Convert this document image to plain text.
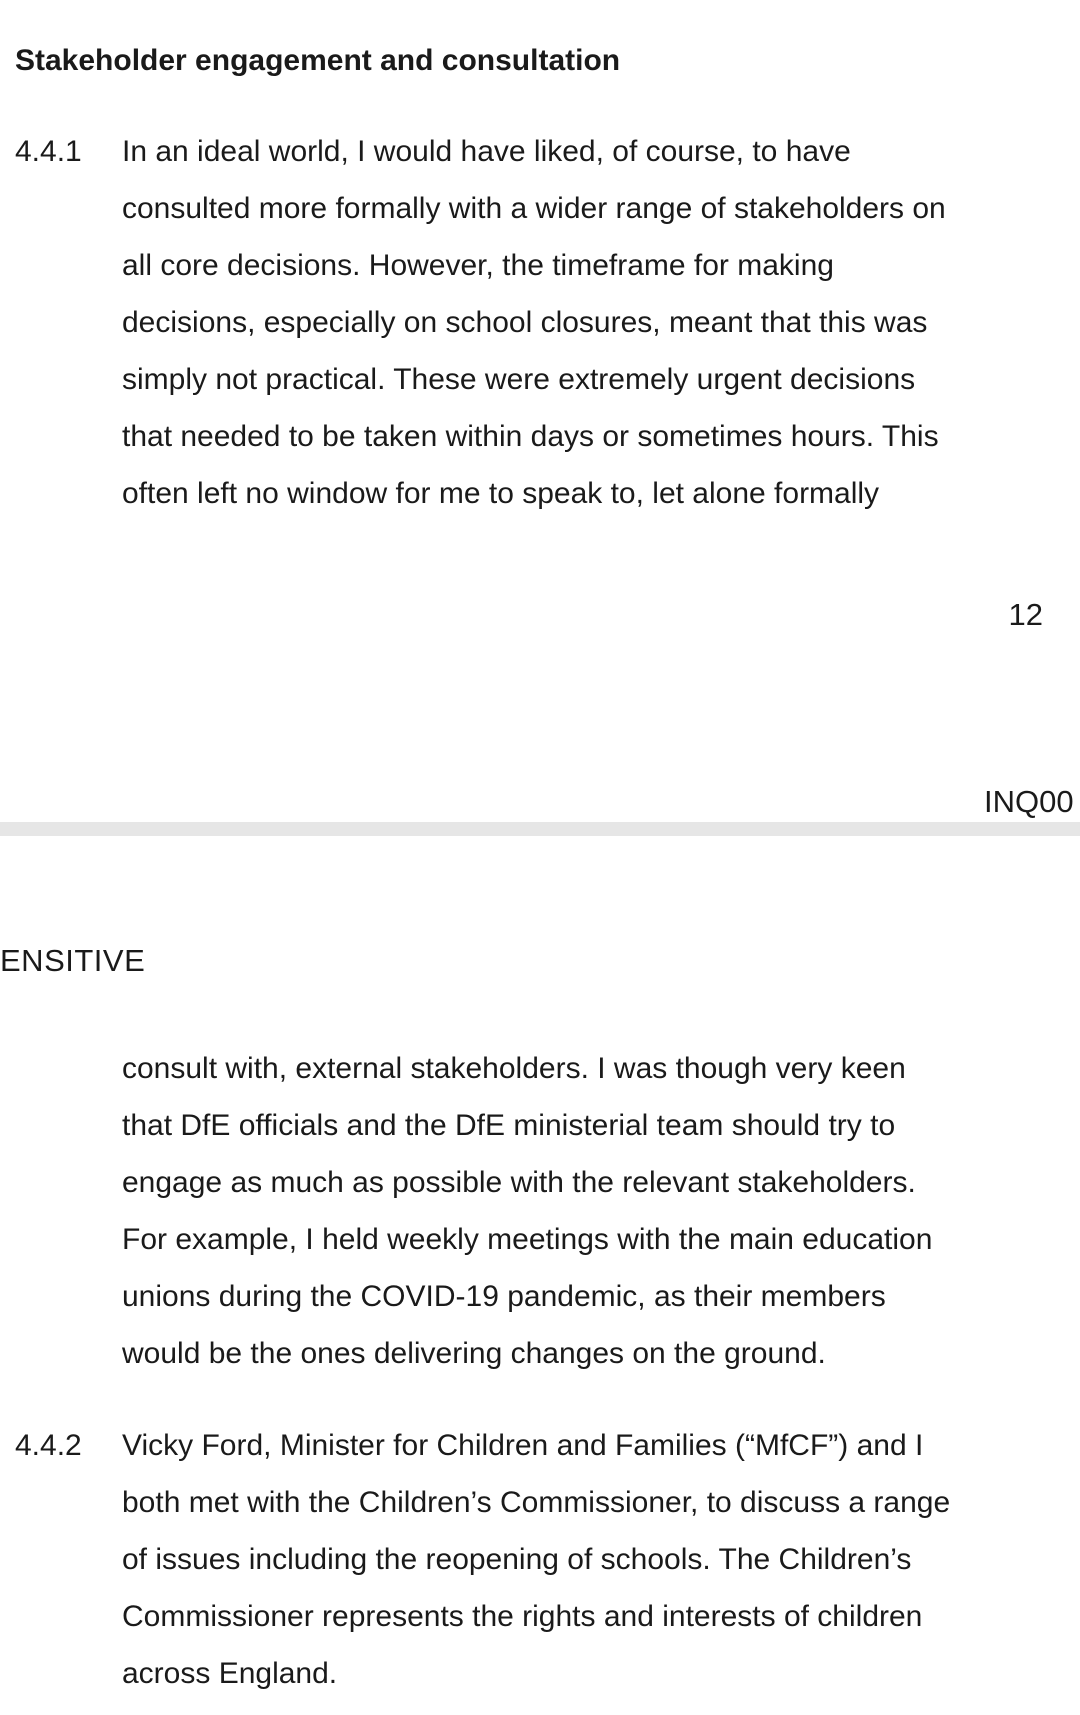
Stakeholder engagement and consultation
4.4.1 In an ideal world, I would have liked, of course, to have
consulted more formally with a wider range of stakeholders on
all core decisions. However, the timeframe for making
decisions, especially on school closures, meant that this was
simply not practical. These were extremely urgent decisions
that needed to be taken within days or sometimes hours. This
often left no window for me to speak to, let alone formally
12
INQ00
ENSITIVE
consult with, external stakeholders. I was though very keen
that DfE officials and the DfE ministerial team should try to
engage as much as possible with the relevant stakeholders.
For example, I held weekly meetings with the main education
unions during the COVID-19 pandemic, as their members
would be the ones delivering changes on the ground.
4.4.2 Vicky Ford, Minister for Children and Families (“MfCF”) and I
both met with the Children’s Commissioner, to discuss a range
of issues including the reopening of schools. The Children’s
Commissioner represents the rights and interests of children
across England.
